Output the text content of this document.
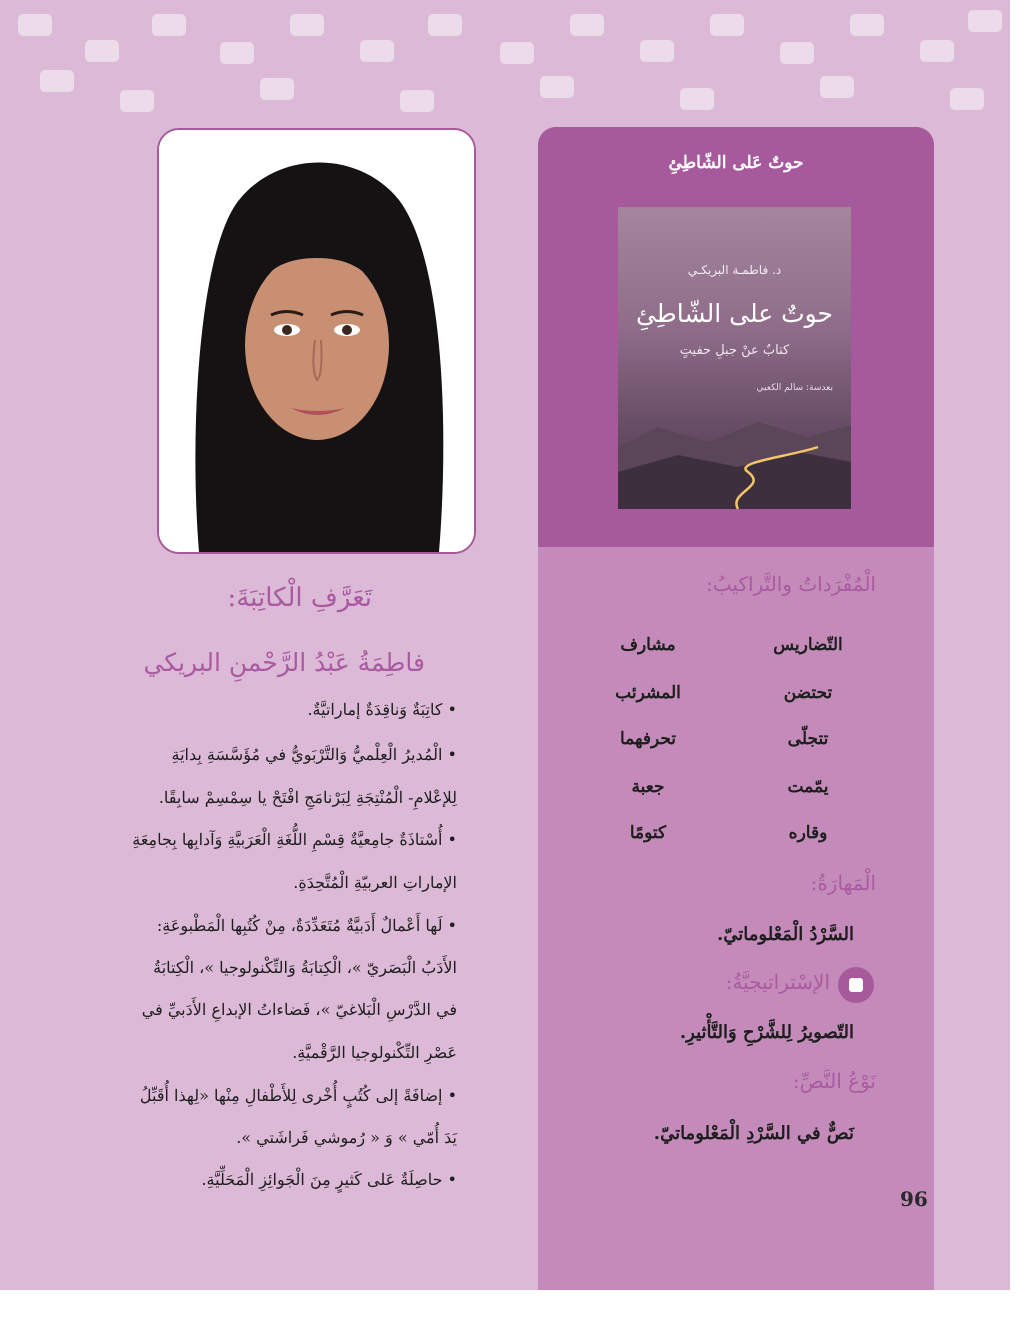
تَعَرَّفِ الْكاتِبَةَ:
فاطِمَةُ عَبْدُ الرَّحْمنِ البريكي
• كاتِبَةٌ وَناقِدَةٌ إماراتيَّةٌ.
• الْمُديرُ الْعِلْميُّ وَالتَّرْبَويُّ في مُؤَسَّسَةِ بِدايَةِ
لِلإعْلامِ- الْمُنْتِجَةِ لِبَرْنامَجِ افْتَحْ يا سِمْسِمْ سابِقًا.
• أُسْتاذَةٌ جامِعيَّةٌ قِسْمِ اللُّغَةِ الْعَرَبيَّةِ وَآدابِها بِجامِعَةِ
الإماراتِ العربيّةِ الْمُتَّحِدَةِ.
• لَها أَعْمالٌ أَدَبيَّةٌ مُتَعَدِّدَةٌ، مِنْ كُتُبِها الْمَطْبوعَةِ:
الأَدَبُ الْبَصَريّ »، الْكِتابَةُ وَالتِّكْنولوجيا »، الْكِتابَةُ
في الدَّرْسِ الْبَلاغيّ »، فَضاءاتُ الإبداعِ الأَدَبيِّ في
عَصْرِ التِّكْنولوجيا الرَّقْميَّةِ.
• إضافَةً إلى كُتُبٍ أُخْرى لِلأَطْفالِ مِنْها «لِهذا أُقَبِّلُ
يَدَ أُمّي » وَ « رُموشي فَراشَتي ».
• حاصِلَةٌ عَلى كَثيرٍ مِنَ الْجَوائِزِ الْمَحَلِّيَّةِ.
حوتٌ عَلى الشّاطِئِ
د. فاطمـة البريكـي
حوتٌ على الشّاطِئِ
كتابٌ عنْ جبلِ حفيتٍ
بعدسة: سالم الكعبي
الْمُفْرَداتُ والتَّراكيبُ:
التّضاريس
تحتضن
تتجلّى
يمّمت
وقاره
مشارف
المشرئب
تحرفهما
جعبة
كتومًا
الْمَهارَةُ:
السَّرْدُ الْمَعْلوماتيّ.
الإسْتراتيجيَّةُ:
التّصويرُ لِلشَّرْحِ وَالتَّأْثيرِ.
نَوْعُ النَّصِّ:
نَصٌّ في السَّرْدِ الْمَعْلوماتيّ.
96
